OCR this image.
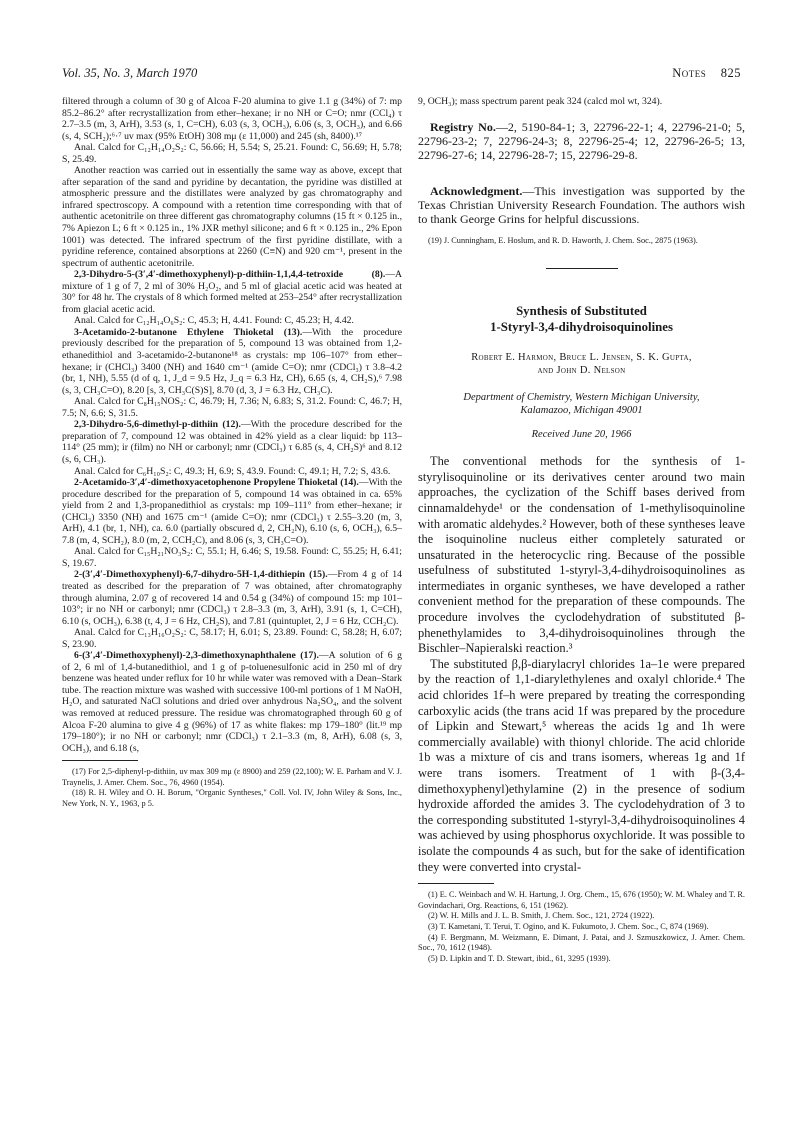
Vol. 35, No. 3, March 1970	Notes 825

filtered through a column of 30 g of Alcoa F-20 alumina to give 1.1 g (34%) of 7: mp 85.2–86.2° after recrystallization from ether–hexane; ir no NH or C=O; nmr (CCl₄) τ 2.7–3.5 (m, 3, ArH), 3.53 (s, 1, C=CH), 6.03 (s, 3, OCH₃), 6.06 (s, 3, OCH₃), and 6.66 (s, 4, SCH₂);⁶·⁷ uv max (95% EtOH) 308 mμ (ε 11,000) and 245 (sh, 8400).¹⁷

Anal. Calcd for C₁₂H₁₄O₂S₂: C, 56.66; H, 5.54; S, 25.21. Found: C, 56.69; H, 5.78; S, 25.49.

Another reaction was carried out in essentially the same way as above, except that after separation of the sand and pyridine by decantation, the pyridine was distilled at atmospheric pressure and the distillates were analyzed by gas chromatography and infrared spectroscopy. A compound with a retention time corresponding with that of authentic acetonitrile on three different gas chromatography columns (15 ft × 0.125 in., 7% Apiezon L; 6 ft × 0.125 in., 1% JXR methyl silicone; and 6 ft × 0.125 in., 2% Epon 1001) was detected. The infrared spectrum of the first pyridine distillate, with a pyridine reference, contained absorptions at 2260 (C≡N) and 920 cm⁻¹, present in the spectrum of authentic acetonitrile.

2,3-Dihydro-5-(3′,4′-dimethoxyphenyl)-p-dithiin-1,1,4,4-tetroxide (8).—A mixture of 1 g of 7, 2 ml of 30% H₂O₂, and 5 ml of glacial acetic acid was heated at 30° for 48 hr. The crystals of 8 which formed melted at 253–254° after recrystallization from glacial acetic acid.

Anal. Calcd for C₁₂H₁₄O₆S₂: C, 45.3; H, 4.41. Found: C, 45.23; H, 4.42.

3-Acetamido-2-butanone Ethylene Thioketal (13).—With the procedure previously described for the preparation of 5, compound 13 was obtained from 1,2-ethanedithiol and 3-acetamido-2-butanone¹⁸ as crystals: mp 106–107° from ether–hexane; ir (CHCl₃) 3400 (NH) and 1640 cm⁻¹ (amide C=O); nmr (CDCl₃) τ 3.8–4.2 (br, 1, NH), 5.55 (d of q, 1, J_d = 9.5 Hz, J_q = 6.3 Hz, CH), 6.65 (s, 4, CH₂S),⁶ 7.98 (s, 3, CH₃C=O), 8.20 [s, 3, CH₃C(S)S], 8.70 (d, 3, J = 6.3 Hz, CH₃C).

Anal. Calcd for C₈H₁₅NOS₂: C, 46.79; H, 7.36; N, 6.83; S, 31.2. Found: C, 46.7; H, 7.5; N, 6.6; S, 31.5.

2,3-Dihydro-5,6-dimethyl-p-dithiin (12).—With the procedure described for the preparation of 7, compound 12 was obtained in 42% yield as a clear liquid: bp 113–114° (25 mm); ir (film) no NH or carbonyl; nmr (CDCl₃) τ 6.85 (s, 4, CH₂S)⁶ and 8.12 (s, 6, CH₃).

Anal. Calcd for C₆H₁₀S₂: C, 49.3; H, 6.9; S, 43.9. Found: C, 49.1; H, 7.2; S, 43.6.

2-Acetamido-3′,4′-dimethoxyacetophenone Propylene Thioketal (14).—With the procedure described for the preparation of 5, compound 14 was obtained in ca. 65% yield from 2 and 1,3-propanedithiol as crystals: mp 109–111° from ether–hexane; ir (CHCl₃) 3350 (NH) and 1675 cm⁻¹ (amide C=O); nmr (CDCl₃) τ 2.55–3.20 (m, 3, ArH), 4.1 (br, 1, NH), ca. 6.0 (partially obscured d, 2, CH₂N), 6.10 (s, 6, OCH₃), 6.5–7.8 (m, 4, SCH₂), 8.0 (m, 2, CCH₂C), and 8.06 (s, 3, CH₃C=O).

Anal. Calcd for C₁₅H₂₁NO₃S₂: C, 55.1; H, 6.46; S, 19.58. Found: C, 55.25; H, 6.41; S, 19.67.

2-(3′,4′-Dimethoxyphenyl)-6,7-dihydro-5H-1,4-dithiepin (15).—From 4 g of 14 treated as described for the preparation of 7 was obtained, after chromatography through alumina, 2.07 g of recovered 14 and 0.54 g (34%) of compound 15: mp 101–103°; ir no NH or carbonyl; nmr (CDCl₃) τ 2.8–3.3 (m, 3, ArH), 3.91 (s, 1, C=CH), 6.10 (s, OCH₃), 6.38 (t, 4, J = 6 Hz, CH₂S), and 7.81 (quintuplet, 2, J = 6 Hz, CCH₂C).

Anal. Calcd for C₁₃H₁₆O₂S₂: C, 58.17; H, 6.01; S, 23.89. Found: C, 58.28; H, 6.07; S, 23.90.

6-(3′,4′-Dimethoxyphenyl)-2,3-dimethoxynaphthalene (17).—A solution of 6 g of 2, 6 ml of 1,4-butanedithiol, and 1 g of p-toluenesulfonic acid in 250 ml of dry benzene was heated under reflux for 10 hr while water was removed with a Dean–Stark tube. The reaction mixture was washed with successive 100-ml portions of 1 M NaOH, H₂O, and saturated NaCl solutions and dried over anhydrous Na₂SO₄, and the solvent was removed at reduced pressure. The residue was chromatographed through 60 g of Alcoa F-20 alumina to give 4 g (96%) of 17 as white flakes: mp 179–180° (lit.¹⁹ mp 179–180°); ir no NH or carbonyl; nmr (CDCl₃) τ 2.1–3.3 (m, 8, ArH), 6.08 (s, 3, OCH₃), and 6.18 (s,

(17) For 2,5-diphenyl-p-dithiin, uv max 309 mμ (ε 8900) and 259 (22,100); W. E. Parham and V. J. Traynelis, J. Amer. Chem. Soc., 76, 4960 (1954).

(18) R. H. Wiley and O. H. Borum, "Organic Syntheses," Coll. Vol. IV, John Wiley & Sons, Inc., New York, N. Y., 1963, p 5.

9, OCH₃); mass spectrum parent peak 324 (calcd mol wt, 324).

Registry No.—2, 5190-84-1; 3, 22796-22-1; 4, 22796-21-0; 5, 22796-23-2; 7, 22796-24-3; 8, 22796-25-4; 12, 22796-26-5; 13, 22796-27-6; 14, 22796-28-7; 15, 22796-29-8.

Acknowledgment.—This investigation was supported by the Texas Christian University Research Foundation. The authors wish to thank George Grins for helpful discussions.

(19) J. Cunningham, E. Hoslum, and R. D. Haworth, J. Chem. Soc., 2875 (1963).

Synthesis of Substituted
1-Styryl-3,4-dihydroisoquinolines
Robert E. Harmon, Bruce L. Jensen, S. K. Gupta,
and John D. Nelson
Department of Chemistry, Western Michigan University,
Kalamazoo, Michigan 49001
Received June 20, 1966

The conventional methods for the synthesis of 1-styrylisoquinoline or its derivatives center around two main approaches, the cyclization of the Schiff bases derived from cinnamaldehyde¹ or the condensation of 1-methylisoquinoline with aromatic aldehydes.² However, both of these syntheses leave the isoquinoline nucleus either completely saturated or unsaturated in the heterocyclic ring. Because of the possible usefulness of substituted 1-styryl-3,4-dihydroisoquinolines as intermediates in organic syntheses, we have developed a rather convenient method for the preparation of these compounds. The procedure involves the cyclodehydration of substituted β-phenethylamides to 3,4-dihydroisoquinolines through the Bischler–Napieralski reaction.³

The substituted β,β-diarylacryl chlorides 1a–1e were prepared by the reaction of 1,1-diarylethylenes and oxalyl chloride.⁴ The acid chlorides 1f–h were prepared by treating the corresponding carboxylic acids (the trans acid 1f was prepared by the procedure of Lipkin and Stewart,⁵ whereas the acids 1g and 1h were commercially available) with thionyl chloride. The acid chloride 1b was a mixture of cis and trans isomers, whereas 1g and 1f were trans isomers. Treatment of 1 with β-(3,4-dimethoxyphenyl)ethylamine (2) in the presence of sodium hydroxide afforded the amides 3. The cyclodehydration of 3 to the corresponding substituted 1-styryl-3,4-dihydroisoquinolines 4 was achieved by using phosphorus oxychloride. It was possible to isolate the compounds 4 as such, but for the sake of identification they were converted into crystal-

(1) E. C. Weinbach and W. H. Hartung, J. Org. Chem., 15, 676 (1950); W. M. Whaley and T. R. Govindachari, Org. Reactions, 6, 151 (1962).

(2) W. H. Mills and J. L. B. Smith, J. Chem. Soc., 121, 2724 (1922).

(3) T. Kametani, T. Terui, T. Ogino, and K. Fukumoto, J. Chem. Soc., C, 874 (1969).

(4) F. Bergmann, M. Weizmann, E. Dimant, J. Patai, and J. Szmuszkowicz, J. Amer. Chem. Soc., 70, 1612 (1948).

(5) D. Lipkin and T. D. Stewart, ibid., 61, 3295 (1939).
